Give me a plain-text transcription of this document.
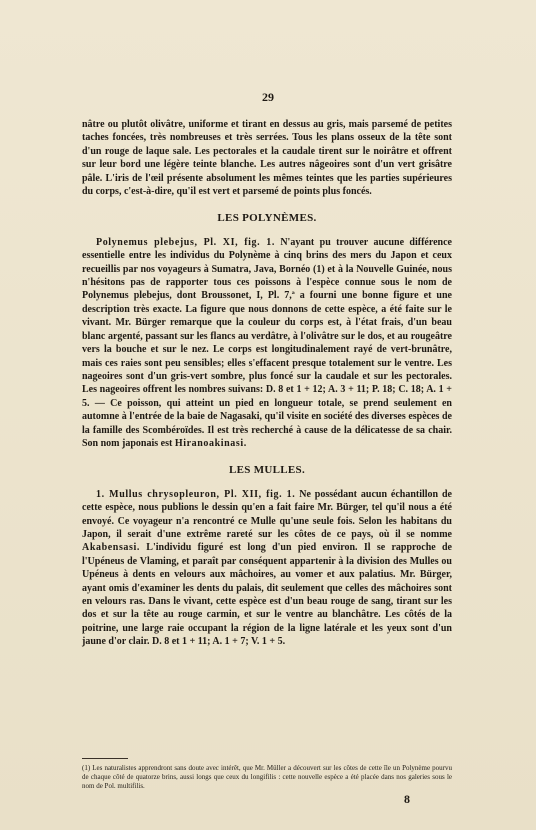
29

nâtre ou plutôt olivâtre, uniforme et tirant en dessus au gris, mais parsemé de petites taches foncées, très nombreuses et très serrées. Tous les plans osseux de la tête sont d'un rouge de laque sale. Les pectorales et la caudale tirent sur le noirâtre et offrent sur leur bord une légère teinte blanche. Les autres nâgeoires sont d'un vert grisâtre pâle. L'iris de l'œil présente absolument les mêmes teintes que les parties supérieures du corps, c'est-à-dire, qu'il est vert et parsemé de points plus foncés.

LES POLYNÈMES.

Polynemus plebejus, Pl. XI, fig. 1. N'ayant pu trouver aucune différence essentielle entre les individus du Polynème à cinq brins des mers du Japon et ceux recueillis par nos voyageurs à Sumatra, Java, Bornéo (1) et à la Nouvelle Guinée, nous n'hésitons pas de rapporter tous ces poissons à l'espèce connue sous le nom de Polynemus plebejus, dont Broussonet, I, Pl. 7,ª a fourni une bonne figure et une description très exacte. La figure que nous donnons de cette espèce, a été faite sur le vivant. Mr. Bürger remarque que la couleur du corps est, à l'état frais, d'un beau blanc argenté, passant sur les flancs au verdâtre, à l'olivâtre sur le dos, et au rougeâtre vers la bouche et sur le nez. Le corps est longitudinalement rayé de vert-brunâtre, mais ces raies sont peu sensibles; elles s'effacent presque totalement sur le ventre. Les nageoires sont d'un gris-vert sombre, plus foncé sur la caudale et sur les pectorales. Les nageoires offrent les nombres suivans: D. 8 et 1 + 12; A. 3 + 11; P. 18; C. 18; A. 1 + 5. — Ce poisson, qui atteint un pied en longueur totale, se prend seulement en automne à l'entrée de la baie de Nagasaki, qu'il visite en société des diverses espèces de la famille des Scombéroïdes. Il est très recherché à cause de la délicatesse de sa chair. Son nom japonais est Hiranoakinasi.

LES MULLES.

1. Mullus chrysopleuron, Pl. XII, fig. 1. Ne possédant aucun échantillon de cette espèce, nous publions le dessin qu'en a fait faire Mr. Bürger, tel qu'il nous a été envoyé. Ce voyageur n'a rencontré ce Mulle qu'une seule fois. Selon les habitans du Japon, il serait d'une extrême rareté sur les côtes de ce pays, où il se nomme Akabensasi. L'individu figuré est long d'un pied environ. Il se rapproche de l'Upéneus de Vlaming, et paraît par conséquent appartenir à la division des Mulles ou Upéneus à dents en velours aux mâchoires, au vomer et aux palatius. Mr. Bürger, ayant omis d'examiner les dents du palais, dit seulement que celles des mâchoires sont en velours ras. Dans le vivant, cette espèce est d'un beau rouge de sang, tirant sur les dos et sur la tête au rouge carmin, et sur le ventre au blanchâtre. Les côtés de la poitrine, une large raie occupant la région de la ligne latérale et les yeux sont d'un jaune d'or clair. D. 8 et 1 + 11; A. 1 + 7; V. 1 + 5.

(1) Les naturalistes apprendront sans doute avec intérêt, que Mr. Müller a découvert sur les côtes de cette île un Polynème pourvu de chaque côté de quatorze brins, aussi longs que ceux du longifilis : cette nouvelle espèce a été placée dans nos galeries sous le nom de Pol. multifilis.
8
